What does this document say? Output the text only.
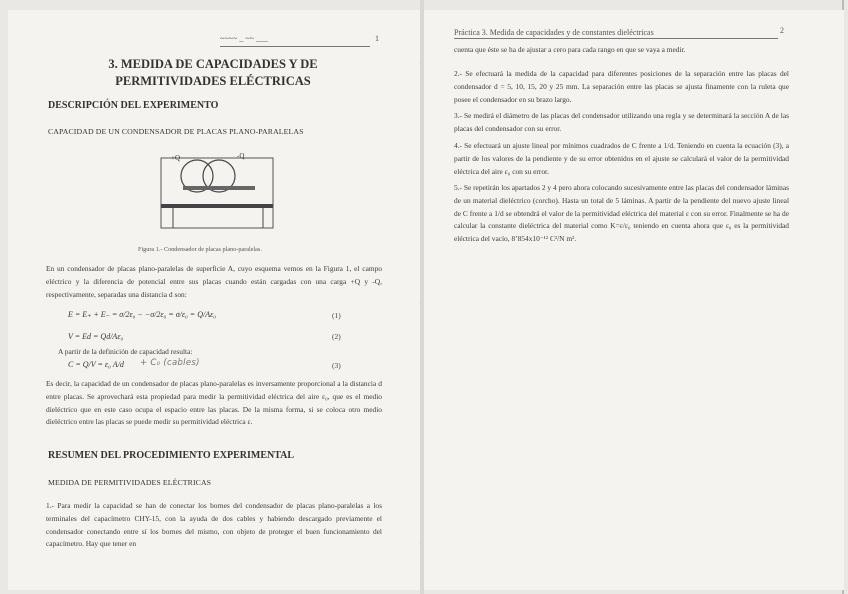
~~~~ _ ~~ ___	1
3. MEDIDA DE CAPACIDADES Y DE
PERMITIVIDADES ELÉCTRICAS
DESCRIPCIÓN DEL EXPERIMENTO
CAPACIDAD DE UN CONDENSADOR DE PLACAS PLANO-PARALELAS
+Q	-Q
Figura 1.- Condensador de placas plano-paralelas.
En un condensador de placas plano-paralelas de superficie A, cuyo esquema vemos en la Figura 1, el campo eléctrico y la diferencia de potencial entre sus placas cuando están cargadas con una carga +Q y -Q, respectivamente, separadas una distancia d son:
E = E₊ + E₋ = σ/2ε₀ − −σ/2ε₀ = σ/ε₀ = Q/Aε₀	(1)
V = Ed = Qd/Aε₀	(2)
A partir de la definición de capacidad resulta:
C = Q/V = ε₀ A/d + C₀ (cables)	(3)
Es decir, la capacidad de un condensador de placas plano-paralelas es inversamente proporcional a la distancia d entre placas. Se aprovechará esta propiedad para medir la permitividad eléctrica del aire ε₀, que es el medio dieléctrico que en este caso ocupa el espacio entre las placas. De la misma forma, si se coloca otro medio dieléctrico entre las placas se puede medir su permitividad eléctrica ε.
RESUMEN DEL PROCEDIMIENTO EXPERIMENTAL
MEDIDA DE PERMITIVIDADES ELÉCTRICAS
1.- Para medir la capacidad se han de conectar los bornes del condensador de placas plano-paralelas a los terminales del capacímetro CHY-15, con la ayuda de dos cables y habiendo descargado previamente el condensador conectando entre sí los bornes del mismo, con objeto de proteger el buen funcionamiento del capacímetro. Hay que tener en
Práctica 3. Medida de capacidades y de constantes dieléctricas	2
cuenta que éste se ha de ajustar a cero para cada rango en que se vaya a medir.
2.- Se efectuará la medida de la capacidad para diferentes posiciones de la separación entre las placas del condensador d = 5, 10, 15, 20 y 25 mm. La separación entre las placas se ajusta finamente con la ruleta que posee el condensador en su brazo largo.
3.- Se medirá el diámetro de las placas del condensador utilizando una regla y se determinará la sección A de las placas del condensador con su error.
4.- Se efectuará un ajuste lineal por mínimos cuadrados de C frente a 1/d. Teniendo en cuenta la ecuación (3), a partir de los valores de la pendiente y de su error obtenidos en el ajuste se calculará el valor de la permitividad eléctrica del aire ε₀ con su error.
5.- Se repetirán los apartados 2 y 4 pero ahora colocando sucesivamente entre las placas del condensador láminas de un material dieléctrico (corcho). Hasta un total de 5 láminas. A partir de la pendiente del nuevo ajuste lineal de C frente a 1/d se obtendrá el valor de la permitividad eléctrica del material ε con su error. Finalmente se ha de calcular la constante dieléctrica del material como K=ε/ε₀ teniendo en cuenta ahora que ε₀ es la permitividad eléctrica del vacío, 8’854x10⁻¹² C²/N m².
